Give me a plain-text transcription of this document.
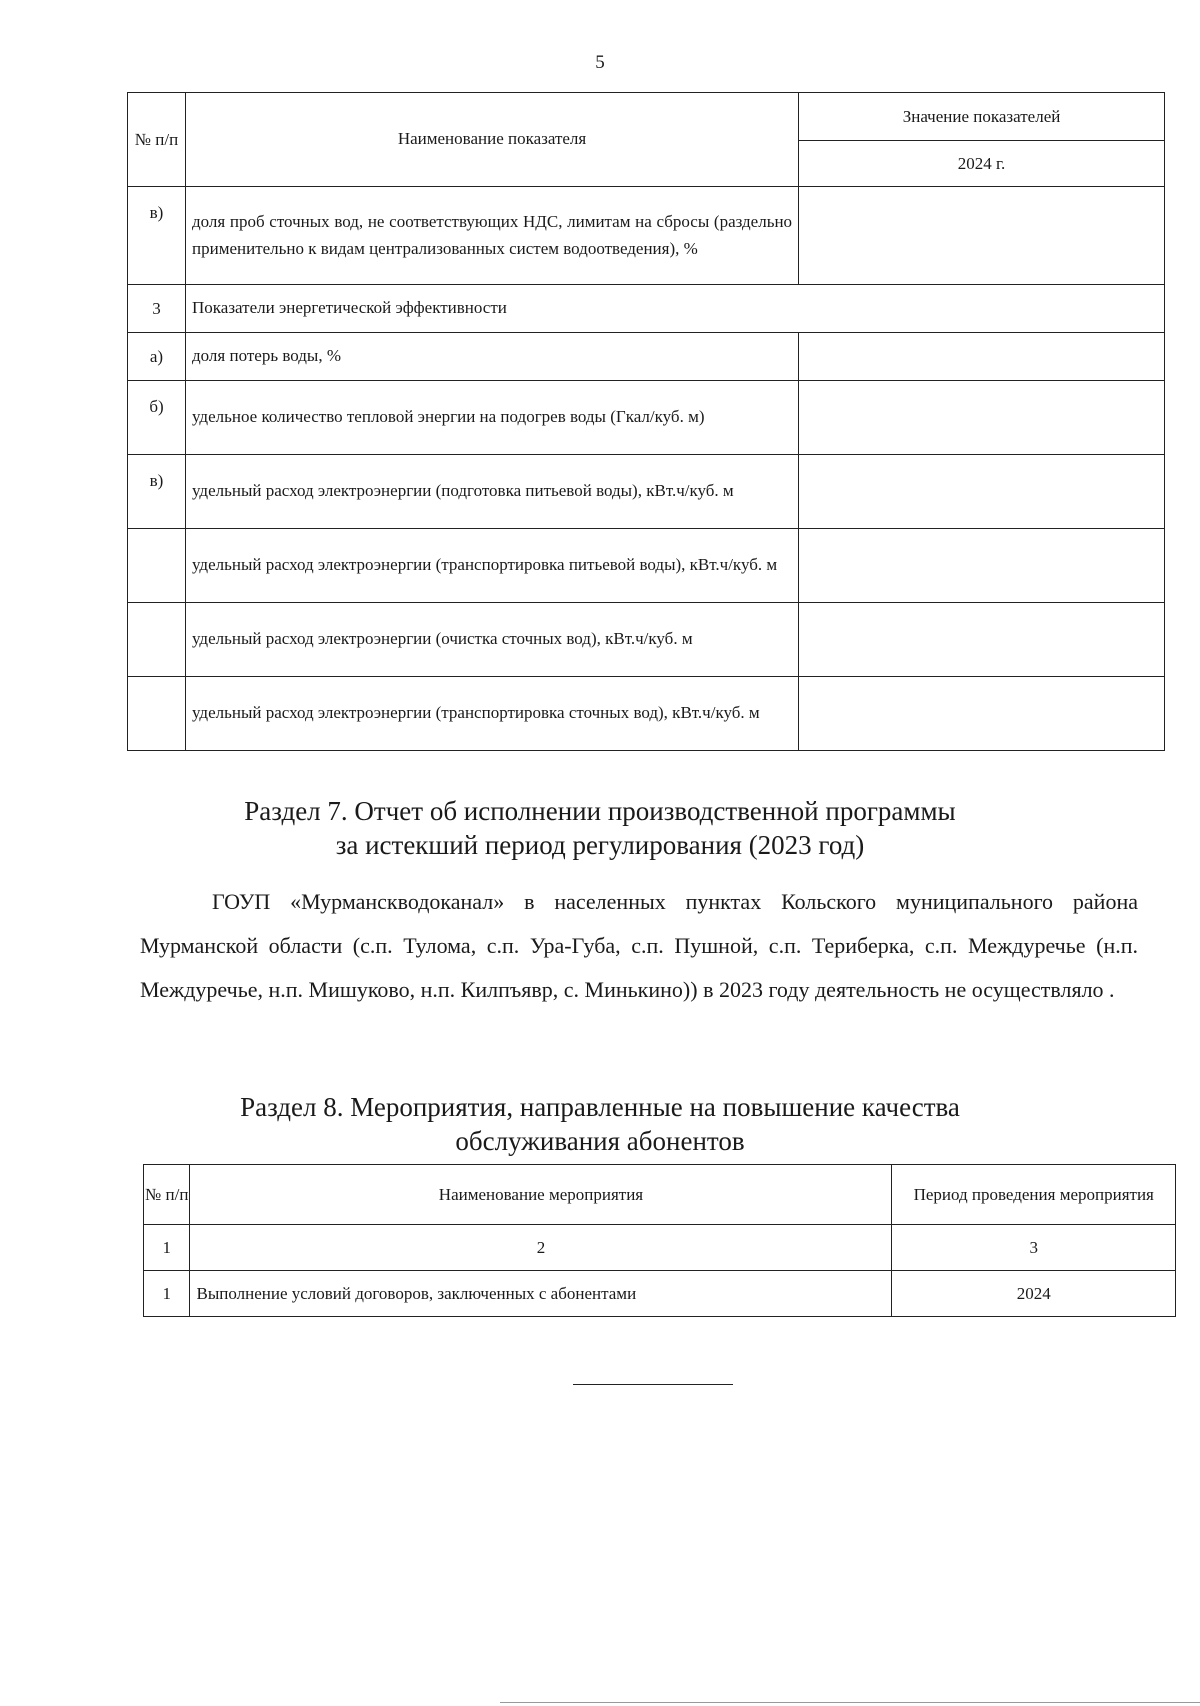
5
№ п/п	Наименование показателя	Значение показателей
		2024 г.
в)	доля проб сточных вод, не соответствующих НДС, лимитам на сбросы (раздельно применительно к видам централизованных систем водоотведения), %	
3	Показатели энергетической эффективности	
а)	доля потерь воды, %	
б)	удельное количество тепловой энергии на подогрев воды (Гкал/куб. м)	
в)	удельный расход электроэнергии (подготовка питьевой воды), кВт.ч/куб. м	
	удельный расход электроэнергии (транспортировка питьевой воды), кВт.ч/куб. м	
	удельный расход электроэнергии (очистка сточных вод), кВт.ч/куб. м	
	удельный расход электроэнергии (транспортировка сточных вод), кВт.ч/куб. м	
Раздел 7. Отчет об исполнении производственной программы
за истекший период регулирования (2023 год)

ГОУП «Мурманскводоканал» в населенных пунктах Кольского муниципального района Мурманской области (с.п. Тулома, с.п. Ура-Губа, с.п. Пушной, с.п. Териберка, с.п. Междуречье (н.п. Междуречье, н.п. Мишуково, н.п. Килпъявр, с. Минькино)) в 2023 году деятельность не осуществляло .

Раздел 8. Мероприятия, направленные на повышение качества
обслуживания абонентов
№ п/п	Наименование мероприятия	Период проведения мероприятия
1	2	3
1	Выполнение условий договоров, заключенных с абонентами	2024
